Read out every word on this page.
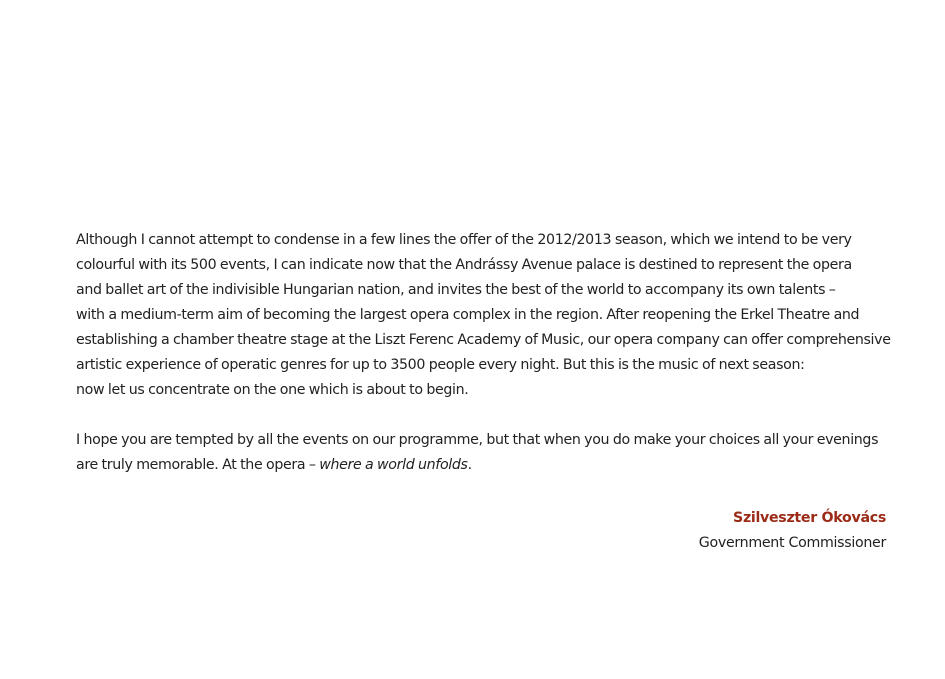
Although I cannot attempt to condense in a few lines the offer of the 2012/2013 season, which we intend to be very
colourful with its 500 events, I can indicate now that the Andrássy Avenue palace is destined to represent the opera
and ballet art of the indivisible Hungarian nation, and invites the best of the world to accompany its own talents –
with a medium-term aim of becoming the largest opera complex in the region. After reopening the Erkel Theatre and
establishing a chamber theatre stage at the Liszt Ferenc Academy of Music, our opera company can offer comprehensive
artistic experience of operatic genres for up to 3500 people every night. But this is the music of next season:
now let us concentrate on the one which is about to begin.
I hope you are tempted by all the events on our programme, but that when you do make your choices all your evenings
are truly memorable. At the opera – where a world unfolds.
Szilveszter Ókovács
Government Commissioner
